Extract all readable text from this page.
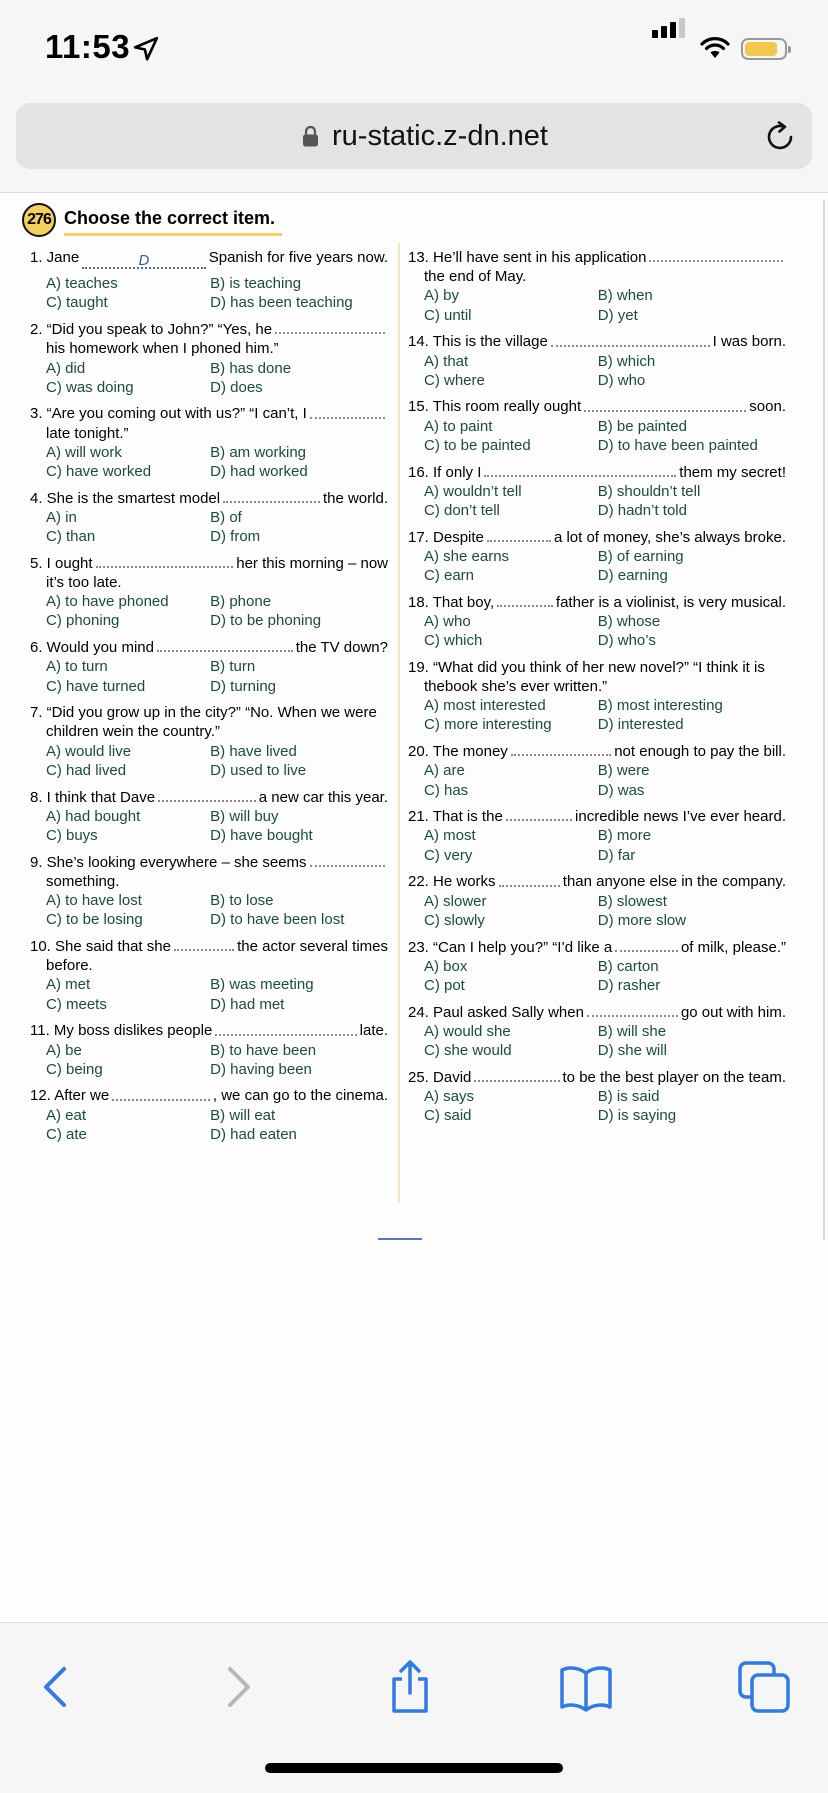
11:53
ru-static.z-dn.net
276 Choose the correct item.
1. Jane	D	Spanish for five years now.
A) teaches	B) is teaching
C) taught	D) has been teaching
2. “Did you speak to John?” “Yes, he
his homework when I phoned him.”
A) did	B) has done
C) was doing	D) does
3. “Are you coming out with us?” “I can’t, I
late tonight.”
A) will work	B) am working
C) have worked	D) had worked
4. She is the smartest model	the world.
A) in	B) of
C) than	D) from
5. I ought	her this morning – now
it’s too late.
A) to have phoned	B) phone
C) phoning	D) to be phoning
6. Would you mind	the TV down?
A) to turn	B) turn
C) have turned	D) turning
7. “Did you grow up in the city?” “No. When we were
children we in the country.”
A) would live	B) have lived
C) had lived	D) used to live
8. I think that Dave	a new car this year.
A) had bought	B) will buy
C) buys	D) have bought
9. She’s looking everywhere – she seems
something.
A) to have lost	B) to lose
C) to be losing	D) to have been lost
10. She said that she	the actor several times
before.
A) met	B) was meeting
C) meets	D) had met
11. My boss dislikes people	late.
A) be	B) to have been
C) being	D) having been
12. After we	, we can go to the cinema.
A) eat	B) will eat
C) ate	D) had eaten
13. He’ll have sent in his application
the end of May.
A) by	B) when
C) until	D) yet
14. This is the village	I was born.
A) that	B) which
C) where	D) who
15. This room really ought	soon.
A) to paint	B) be painted
C) to be painted	D) to have been painted
16. If only I	them my secret!
A) wouldn’t tell	B) shouldn’t tell
C) don’t tell	D) hadn’t told
17. Despite	a lot of money, she’s always broke.
A) she earns	B) of earning
C) earn	D) earning
18. That boy,	father is a violinist, is very musical.
A) who	B) whose
C) which	D) who’s
19. “What did you think of her new novel?” “I think it is
the book she’s ever written.”
A) most interested	B) most interesting
C) more interesting	D) interested
20. The money	not enough to pay the bill.
A) are	B) were
C) has	D) was
21. That is the	incredible news I’ve ever heard.
A) most	B) more
C) very	D) far
22. He works	than anyone else in the company.
A) slower	B) slowest
C) slowly	D) more slow
23. “Can I help you?” “I’d like a	of milk, please.”
A) box	B) carton
C) pot	D) rasher
24. Paul asked Sally when	go out with him.
A) would she	B) will she
C) she would	D) she will
25. David	to be the best player on the team.
A) says	B) is said
C) said	D) is saying
